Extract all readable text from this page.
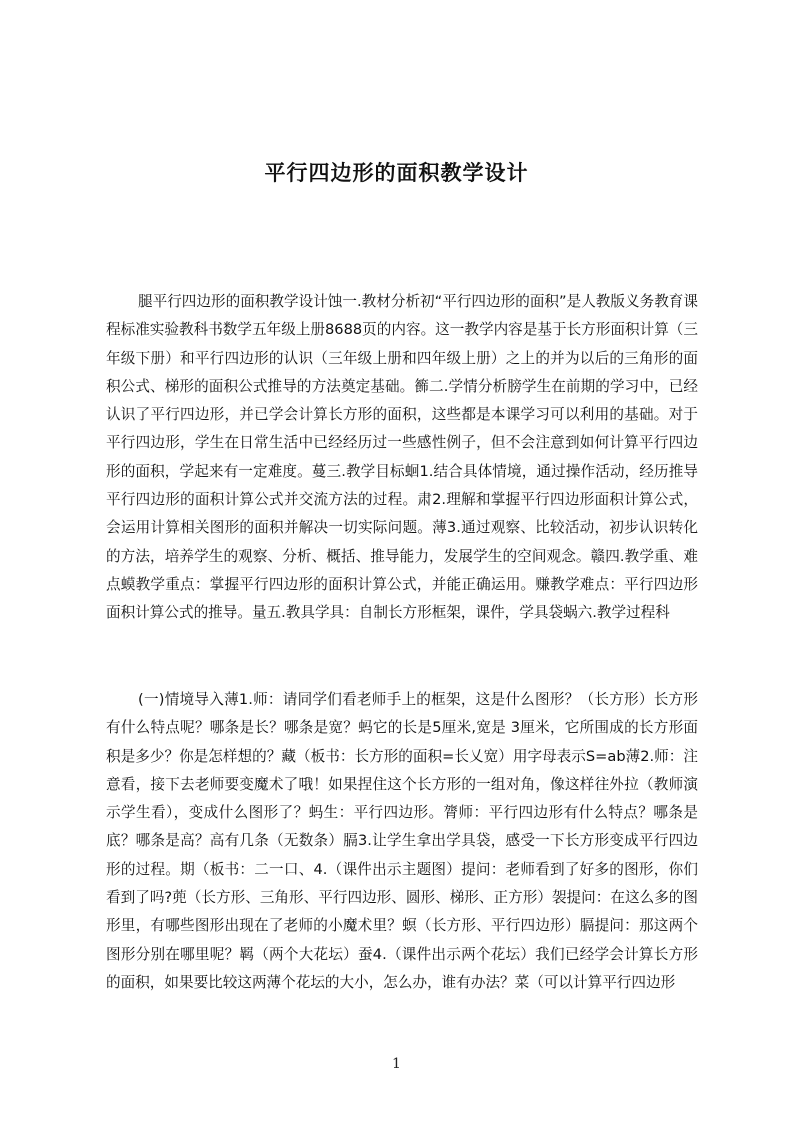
平行四边形的面积教学设计

腿平行四边形的面积教学设计蚀一.教材分析初“平行四边形的面积”是人教版义务教育课程标准实验教科书数学五年级上册8688页的内容。这一教学内容是基于长方形面积计算（三年级下册）和平行四边形的认识（三年级上册和四年级上册）之上的并为以后的三角形的面积公式、梯形的面积公式推导的方法奠定基础。籂二.学情分析膀学生在前期的学习中，已经认识了平行四边形，并已学会计算长方形的面积，这些都是本课学习可以利用的基础。对于平行四边形，学生在日常生活中已经经历过一些感性例子，但不会注意到如何计算平行四边形的面积，学起来有一定难度。蔓三.教学目标蛔1.结合具体情境，通过操作活动，经历推导平行四边形的面积计算公式并交流方法的过程。肃2.理解和掌握平行四边形面积计算公式，会运用计算相关图形的面积并解决一切实际问题。薄3.通过观察、比较活动，初步认识转化的方法，培养学生的观察、分析、概括、推导能力，发展学生的空间观念。赣四.教学重、难点蟆教学重点：掌握平行四边形的面积计算公式，并能正确运用。赚教学难点：平行四边形面积计算公式的推导。量五.教具学具：自制长方形框架，课件，学具袋蜗六.教学过程科

(一)情境导入薄1.师：请同学们看老师手上的框架，这是什么图形？（长方形）长方形有什么特点呢？哪条是长？哪条是宽？蚂它的长是5厘米,宽是 3厘米，它所围成的长方形面积是多少？你是怎样想的？藏（板书：长方形的面积=长乂宽）用字母表示S=ab薄2.师：注意看，接下去老师要变魔术了哦！如果捏住这个长方形的一组对角，像这样往外拉（教师演示学生看），变成什么图形了？蚂生：平行四边形。膂师：平行四边形有什么特点？哪条是底？哪条是高？高有几条（无数条）膈3.让学生拿出学具袋，感受一下长方形变成平行四边形的过程。期（板书：二一口、4.（课件出示主题图）提问：老师看到了好多的图形，你们看到了吗?蔸（长方形、三角形、平行四边形、圆形、梯形、正方形）袈提问：在这么多的图形里，有哪些图形出现在了老师的小魔术里？螟（长方形、平行四边形）膈提问：那这两个图形分别在哪里呢？羁（两个大花坛）蚕4.（课件出示两个花坛）我们已经学会计算长方形的面积，如果要比较这两薄个花坛的大小，怎么办，谁有办法？菜（可以计算平行四边形

1
